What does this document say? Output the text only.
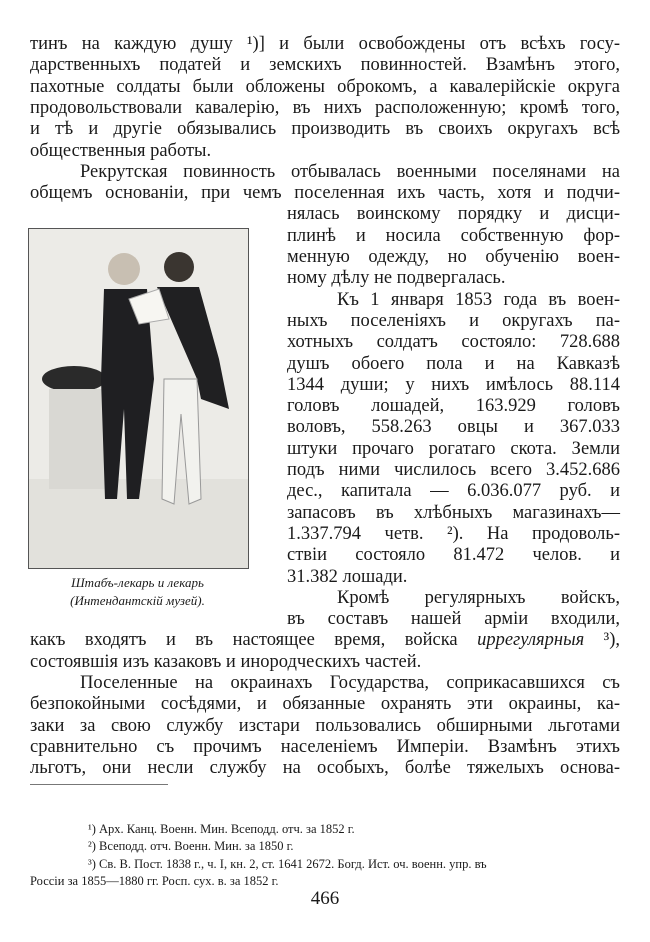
тинъ на каждую душу ¹)] и были освобождены отъ всѣхъ госу-
дарственныхъ податей и земскихъ повинностей. Взамѣнъ этого,
пахотные солдаты были обложены оброкомъ, а кавалерійскіе округа
продовольствовали кавалерію, въ нихъ расположенную; кромѣ того,
и тѣ и другіе обязывались производить въ своихъ округахъ всѣ
общественныя работы.
Рекрутская повинность отбывалась военными поселянами на
общемъ основаніи, при чемъ поселенная ихъ часть, хотя и подчи-
нялась воинскому порядку и дисци-
плинѣ и носила собственную фор-
менную одежду, но обученію воен-
ному дѣлу не подвергалась.
Къ 1 января 1853 года въ воен-
ныхъ поселеніяхъ и округахъ па-
хотныхъ солдатъ состояло: 728.688
душъ обоего пола и на Кавказѣ
1344 души; у нихъ имѣлось 88.114
головъ лошадей, 163.929 головъ
воловъ, 558.263 овцы и 367.033
штуки прочаго рогатаго скота. Земли
подъ ними числилось всего 3.452.686
дес., капитала — 6.036.077 руб. и
запасовъ въ хлѣбныхъ магазинахъ—
1.337.794 четв. ²). На продоволь-
ствіи состояло 81.472 челов. и
31.382 лошади.
Кромѣ регулярныхъ войскъ,
въ составъ нашей арміи входили,
какъ входятъ и въ настоящее время, войска иррегулярныя ³),
состоявшія изъ казаковъ и инородческихъ частей.
Поселенные на окраинахъ Государства, соприкасавшихся съ
безпокойными сосѣдями, и обязанные охранять эти окраины, ка-
заки за свою службу изстари пользовались обширными льготами
сравнительно съ прочимъ населеніемъ Имперіи. Взамѣнъ этихъ
льготъ, они несли службу на особыхъ, болѣе тяжелыхъ основа-
Штабъ-лекарь и лекарь
(Интендантскій музей).
¹) Арх. Канц. Военн. Мин. Всеподд. отч. за 1852 г.
²) Всеподд. отч. Военн. Мин. за 1850 г.
³) Св. В. Пост. 1838 г., ч. I, кн. 2, ст. 1641 2672. Богд. Ист. оч. военн. упр. въ
Россіи за 1855—1880 гг. Росп. сух. в. за 1852 г.
466
